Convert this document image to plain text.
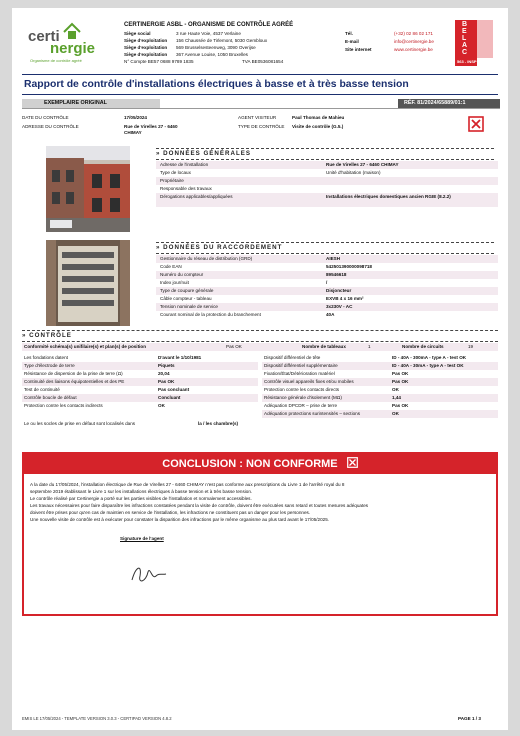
certi
nergie
Organisme de contrôle agréé
CERTINERGIE ASBL - ORGANISME DE CONTRÔLE AGRÉÉ
Siège social	3 rue Haute Voie, 4537 Verlaine
Siège d'exploitation 156 Chaussée de Tirlemont, 5030 Gembloux
Siège d'exploitation 569 Brusselsesteenweg, 3090 Overijse
Siège d'exploitation 367 Avenue Louise, 1050 Bruxelles
N° Compte BE57 0688 9789 1835	TVA BE0536081654
Tél.	(+32) 02 86 02 171
E-mail	info@certinergie.be
Site internet	www.certinergie.be
B
E
L
A
C
563 - INSP
Rapport de contrôle d'installations électriques à basse et à très basse tension
EXEMPLAIRE ORIGINAL	RÉF. 81/2024/65889/01:1
DATE DU CONTRÔLE	17/05/2024
ADRESSE DU CONTRÔLE	Rue de Virelles 27 - 6460
CHIMAY
AGENT VISITEUR	Paul Thomas de Mahieu
TYPE DE CONTRÔLE Visite de contrôle (G.5.)
» DONNÉES GÉNÉRALES
Adresse de l'installation	Rue de Virelles 27 - 6460 CHIMAY
Type de locaux	Unité d'habitation (maison)
Propriétaire
Responsable des travaux
Dérogations applicables/appliquées	Installations électriques domestiques ancien RGIE (8.2.2)
» DONNÉES DU RACCORDEMENT
Gestionnaire du réseau de distribution (GRD)	AIESH
Code EAN	542501390000098718
Numéro du compteur	89546618
Index jour/nuit	/
Type de coupure générale	Disjoncteur
Câble compteur - tableau	EXVB 4 x 16 mm²
Tension nominale de service	3x230V - AC
Courant nominal de la protection du branchement	40A
» CONTRÔLE
Conformité schéma(s) unifilaire(s) et plan(s) de position	Pas OK	Nombre de tableaux	1	Nombre de circuits	19
Les fondations datent	D'avant le 1/10/1981
Type d'électrode de terre	Piquets
Résistance de dispersion de la prise de terre (Ω)	20,04
Continuité des liaisons équipotentielles et des PE	Pas OK
Test de continuité	Pas concluant
Contrôle boucle de défaut	Concluant
Protection contre les contacts indirects	OK
Dispositif différentiel de tête	ID - 40A - 300mA - type A - test OK
Dispositif différentiel supplémentaire	ID - 40A - 30mA - type A - test OK
Fixation/État/Détérioration matériel	Pas OK
Contrôle visuel appareils fixes et/ou mobiles	Pas OK
Protection contre les contacts directs	OK
Résistance générale d'isolement (MΩ)	1,44
Adéquation DPCDR – prise de terre	Pas OK
Adéquation protections surintensités – sections	OK
Le ou les socles de prise en défaut sont localisés dans	la / les chambre(s)
CONCLUSION : NON CONFORME
A la date du 17/05/2024, l'installation électrique de Rue de Virelles 27 - 6460 CHIMAY n'est pas conforme aux prescriptions du Livre 1 de l'arrêté royal du 8
septembre 2019 établissant le Livre 1 sur les installations électriques à basse tension et à très basse tension.
Le contrôle réalisé par Certinergie a porté sur les parties visibles de l'installation et normalement accessibles.
Les travaux nécessaires pour faire disparaître les infractions constatées pendant la visite de contrôle, doivent être exécutées sans retard et toutes mesures adéquates
doivent être prises pour qu'en cas de maintien en service de l'installation, les infractions ne constituent pas un danger pour les personnes.
Une nouvelle visite de contrôle est à exécuter pour constater la disparition des infractions par le même organisme au plus tard avant le 17/05/2025.
Signature de l'agent
EMIS LE 17/05/2024 - TEMPLATE VERSION 3.0.3 - CERTIPAD VERSION 4.8.2	PAGE 1 / 3
